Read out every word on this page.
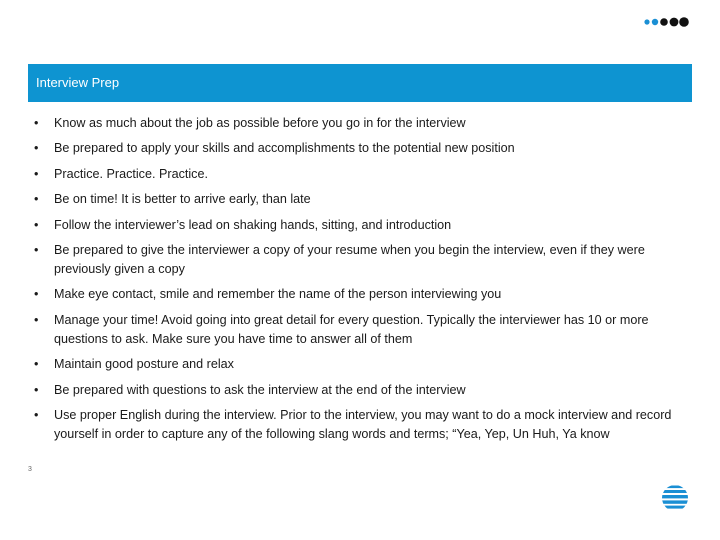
Interview Prep
• Know as much about the job as possible before you go in for the interview
• Be prepared to apply your skills and accomplishments to the potential new position
• Practice. Practice. Practice.
• Be on time! It is better to arrive early, than late
• Follow the interviewer’s lead on shaking hands, sitting, and introduction
• Be prepared to give the interviewer a copy of your resume when you begin the interview, even if they were previously given a copy
• Make eye contact, smile and remember the name of the person interviewing you
• Manage your time! Avoid going into great detail for every question. Typically the interviewer has 10 or more questions to ask. Make sure you have time to answer all of them
• Maintain good posture and relax
• Be prepared with questions to ask the interview at the end of the interview
• Use proper English during the interview. Prior to the interview, you may want to do a mock interview and record yourself in order to capture any of the following slang words and terms; “Yea, Yep, Un Huh, Ya know
3
